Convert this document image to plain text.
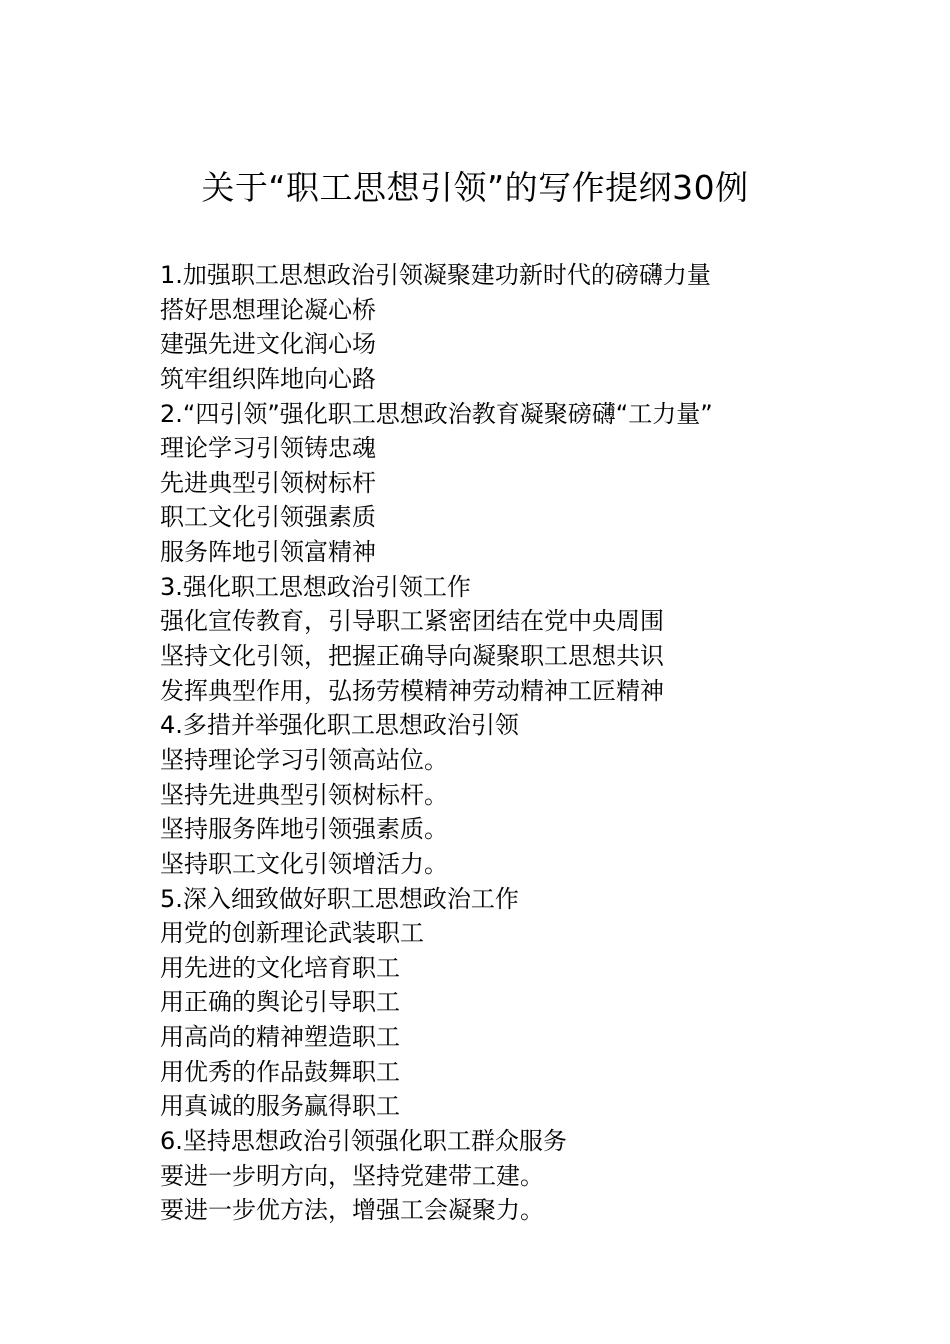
关于“职工思想引领”的写作提纲30例
1.加强职工思想政治引领凝聚建功新时代的磅礴力量
搭好思想理论凝心桥
建强先进文化润心场
筑牢组织阵地向心路
2.“四引领”强化职工思想政治教育凝聚磅礴“工力量”
理论学习引领铸忠魂
先进典型引领树标杆
职工文化引领强素质
服务阵地引领富精神
3.强化职工思想政治引领工作
强化宣传教育，引导职工紧密团结在党中央周围
坚持文化引领，把握正确导向凝聚职工思想共识
发挥典型作用，弘扬劳模精神劳动精神工匠精神
4.多措并举强化职工思想政治引领
坚持理论学习引领高站位。
坚持先进典型引领树标杆。
坚持服务阵地引领强素质。
坚持职工文化引领增活力。
5.深入细致做好职工思想政治工作
用党的创新理论武装职工
用先进的文化培育职工
用正确的舆论引导职工
用高尚的精神塑造职工
用优秀的作品鼓舞职工
用真诚的服务赢得职工
6.坚持思想政治引领强化职工群众服务
要进一步明方向，坚持党建带工建。
要进一步优方法，增强工会凝聚力。
